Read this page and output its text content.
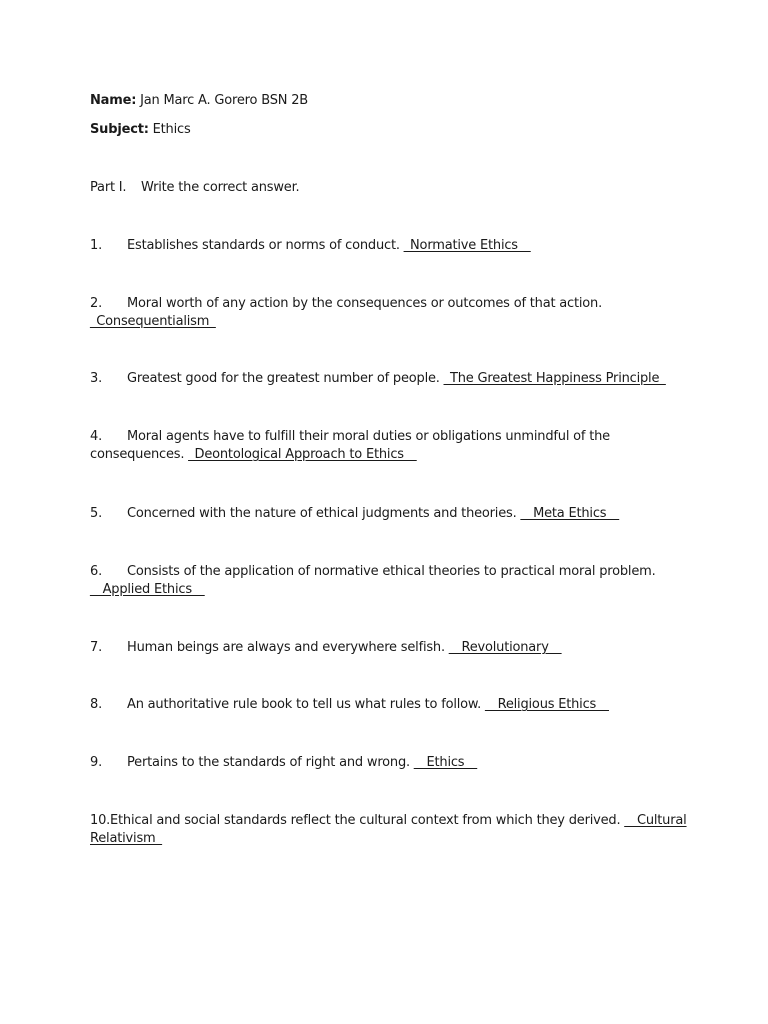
Name: Jan Marc A. Gorero BSN 2B
Subject: Ethics
Part I. Write the correct answer.
1. Establishes standards or norms of conduct. _Normative Ethics__
2. Moral worth of any action by the consequences or outcomes of that action.
_Consequentialism_
3. Greatest good for the greatest number of people. _The Greatest Happiness Principle_
4. Moral agents have to fulfill their moral duties or obligations unmindful of the
consequences. _Deontological Approach to Ethics__
5. Concerned with the nature of ethical judgments and theories. __Meta Ethics__
6. Consists of the application of normative ethical theories to practical moral problem.
__Applied Ethics__
7. Human beings are always and everywhere selfish. __Revolutionary__
8. An authoritative rule book to tell us what rules to follow. __Religious Ethics__
9. Pertains to the standards of right and wrong. __Ethics__
10.Ethical and social standards reflect the cultural context from which they derived. __Cultural
Relativism_
